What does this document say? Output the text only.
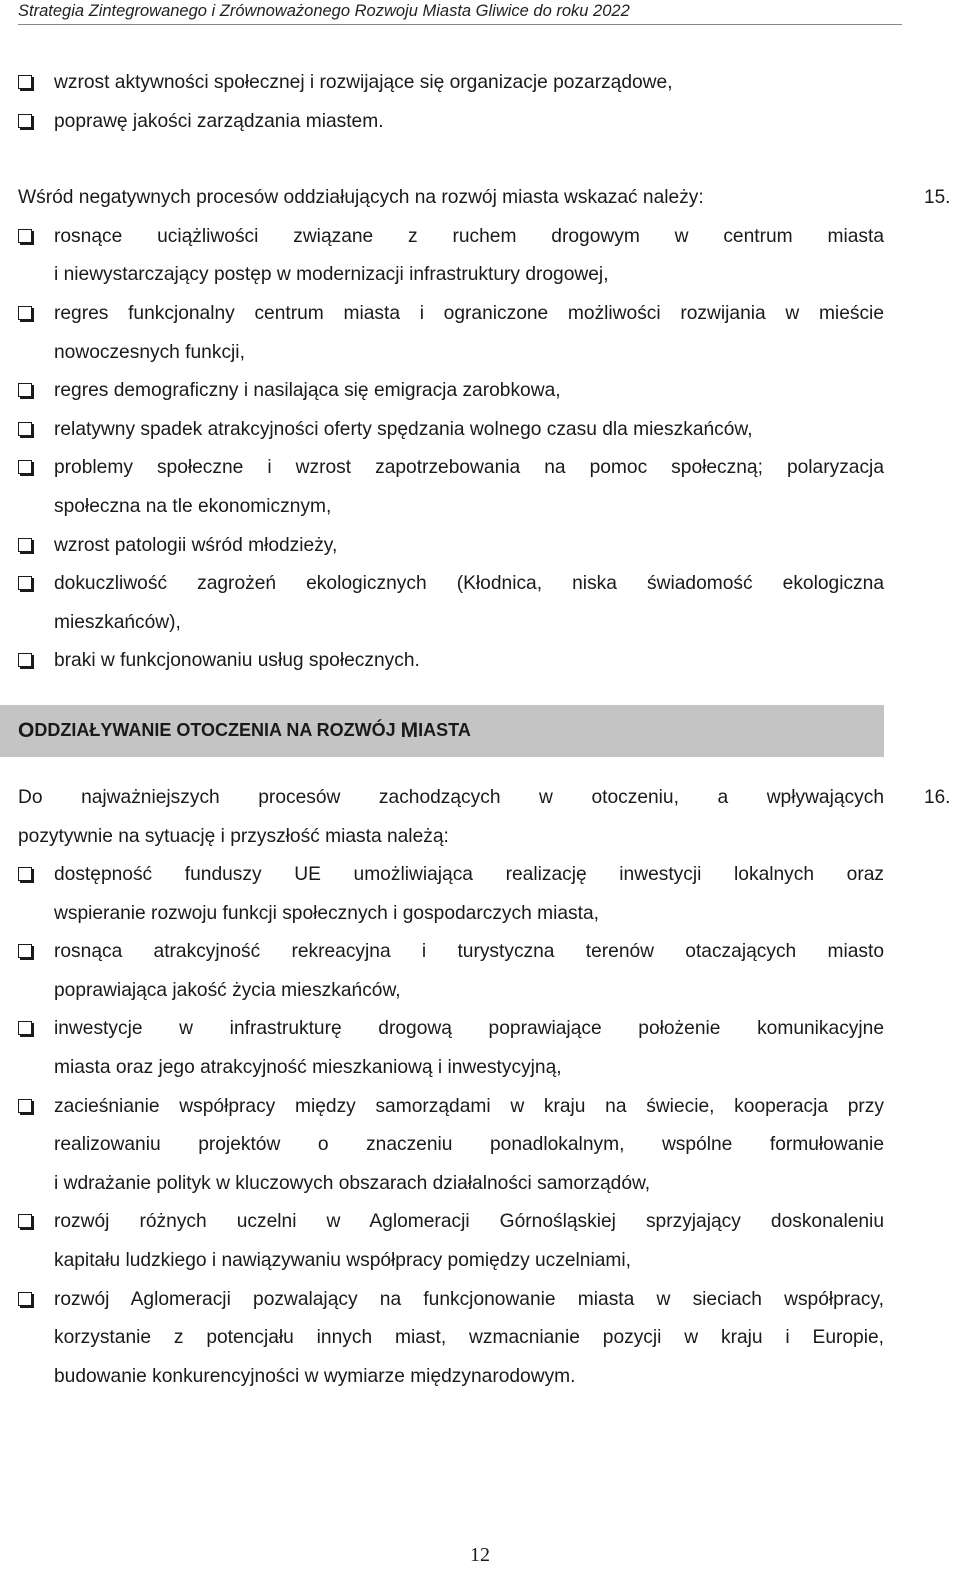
Strategia Zintegrowanego i Zrównoważonego Rozwoju Miasta Gliwice do roku 2022
wzrost aktywności społecznej i rozwijające się organizacje pozarządowe,
poprawę jakości zarządzania miastem.
Wśród negatywnych procesów oddziałujących na rozwój miasta wskazać należy:	15.
rosnące uciążliwości związane z ruchem drogowym w centrum miasta
i niewystarczający postęp w modernizacji infrastruktury drogowej,
regres funkcjonalny centrum miasta i ograniczone możliwości rozwijania w mieście
nowoczesnych funkcji,
regres demograficzny i nasilająca się emigracja zarobkowa,
relatywny spadek atrakcyjności oferty spędzania wolnego czasu dla mieszkańców,
problemy społeczne i wzrost zapotrzebowania na pomoc społeczną; polaryzacja
społeczna na tle ekonomicznym,
wzrost patologii wśród młodzieży,
dokuczliwość zagrożeń ekologicznych (Kłodnica, niska świadomość ekologiczna
mieszkańców),
braki w funkcjonowaniu usług społecznych.
O DDZIAŁYWANIE OTOCZENIA NA ROZWÓJ M IASTA
Do najważniejszych procesów zachodzących w otoczeniu, a wpływających
pozytywnie na sytuację i przyszłość miasta należą:
16.
dostępność funduszy UE umożliwiająca realizację inwestycji lokalnych oraz
wspieranie rozwoju funkcji społecznych i gospodarczych miasta,
rosnąca atrakcyjność rekreacyjna i turystyczna terenów otaczających miasto
poprawiająca jakość życia mieszkańców,
inwestycje w infrastrukturę drogową poprawiające położenie komunikacyjne
miasta oraz jego atrakcyjność mieszkaniową i inwestycyjną,
zacieśnianie współpracy między samorządami w kraju na świecie, kooperacja przy
realizowaniu projektów o znaczeniu ponadlokalnym, wspólne formułowanie
i wdrażanie polityk w kluczowych obszarach działalności samorządów,
rozwój różnych uczelni w Aglomeracji Górnośląskiej sprzyjający doskonaleniu
kapitału ludzkiego i nawiązywaniu współpracy pomiędzy uczelniami,
rozwój Aglomeracji pozwalający na funkcjonowanie miasta w sieciach współpracy,
korzystanie z potencjału innych miast, wzmacnianie pozycji w kraju i Europie,
budowanie konkurencyjności w wymiarze międzynarodowym.
12
